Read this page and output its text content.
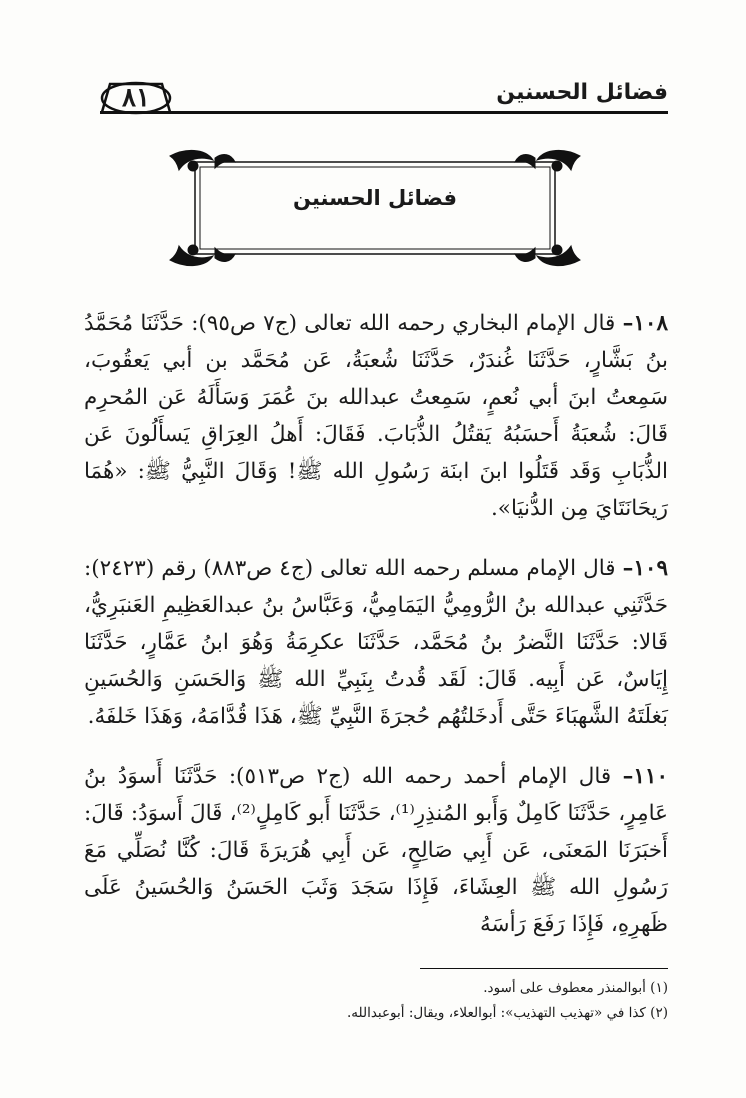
فضائل الحسنين
٨١
فضائل الحسنين

١٠٨– قال الإمام البخاري رحمه الله تعالى (ج٧ ص٩٥): حَدَّثَنَا مُحَمَّدُ بنُ بَشَّارٍ، حَدَّثَنَا غُندَرٌ، حَدَّثَنَا شُعبَةُ، عَن مُحَمَّد بن أبي يَعقُوبَ، سَمِعتُ ابنَ أبي نُعمٍ، سَمِعتُ عبدالله بنَ عُمَرَ وَسَأَلَهُ عَن المُحرِم قَالَ: شُعبَةُ أَحسَبُهُ يَقتُلُ الذُّبَابَ. فَقَالَ: أَهلُ العِرَاقِ يَسأَلُونَ عَن الذُّبَابِ وَقَد قَتَلُوا ابنَ ابنَة رَسُولِ الله ﷺ! وَقَالَ النَّبِيُّ ﷺ: «هُمَا رَيحَانَتَايَ مِن الدُّنيَا».

١٠٩– قال الإمام مسلم رحمه الله تعالى (ج٤ ص٨٨٣) رقم (٢٤٢٣): حَدَّثَنِي عبدالله بنُ الرُّومِيُّ اليَمَامِيُّ، وَعَبَّاسُ بنُ عبدالعَظِيمِ العَنبَرِيُّ، قَالا: حَدَّثَنَا النَّضرُ بنُ مُحَمَّد، حَدَّثَنَا عكرِمَةُ وَهُوَ ابنُ عَمَّارٍ، حَدَّثَنَا إِيَاسٌ، عَن أَبِيه. قَالَ: لَقَد قُدتُ بِنَبِيِّ الله ﷺ وَالحَسَنِ وَالحُسَينِ بَغلَتَهُ الشَّهبَاءَ حَتَّى أَدخَلتُهُم حُجرَةَ النَّبِيِّ ﷺ، هَذَا قُدَّامَهُ، وَهَذَا خَلفَهُ.

١١٠– قال الإمام أحمد رحمه الله (ج٢ ص٥١٣): حَدَّثَنَا أَسوَدُ بنُ عَامِرٍ، حَدَّثَنَا كَامِلٌ وَأَبو المُنذِرِ⁽¹⁾، حَدَّثَنَا أَبو كَامِلٍ⁽²⁾، قَالَ أَسوَدُ: قَالَ: أَخبَرَنَا المَعنَى، عَن أَبِي صَالِحٍ، عَن أَبِي هُرَيرَةَ قَالَ: كُنَّا نُصَلِّي مَعَ رَسُولِ الله ﷺ العِشَاءَ، فَإِذَا سَجَدَ وَثَبَ الحَسَنُ وَالحُسَينُ عَلَى ظَهرِهِ، فَإِذَا رَفَعَ رَأسَهُ

(١) أبوالمنذر معطوف على أسود.

(٢) كذا في «تهذيب التهذيب»: أبوالعلاء، ويقال: أبوعبدالله.
